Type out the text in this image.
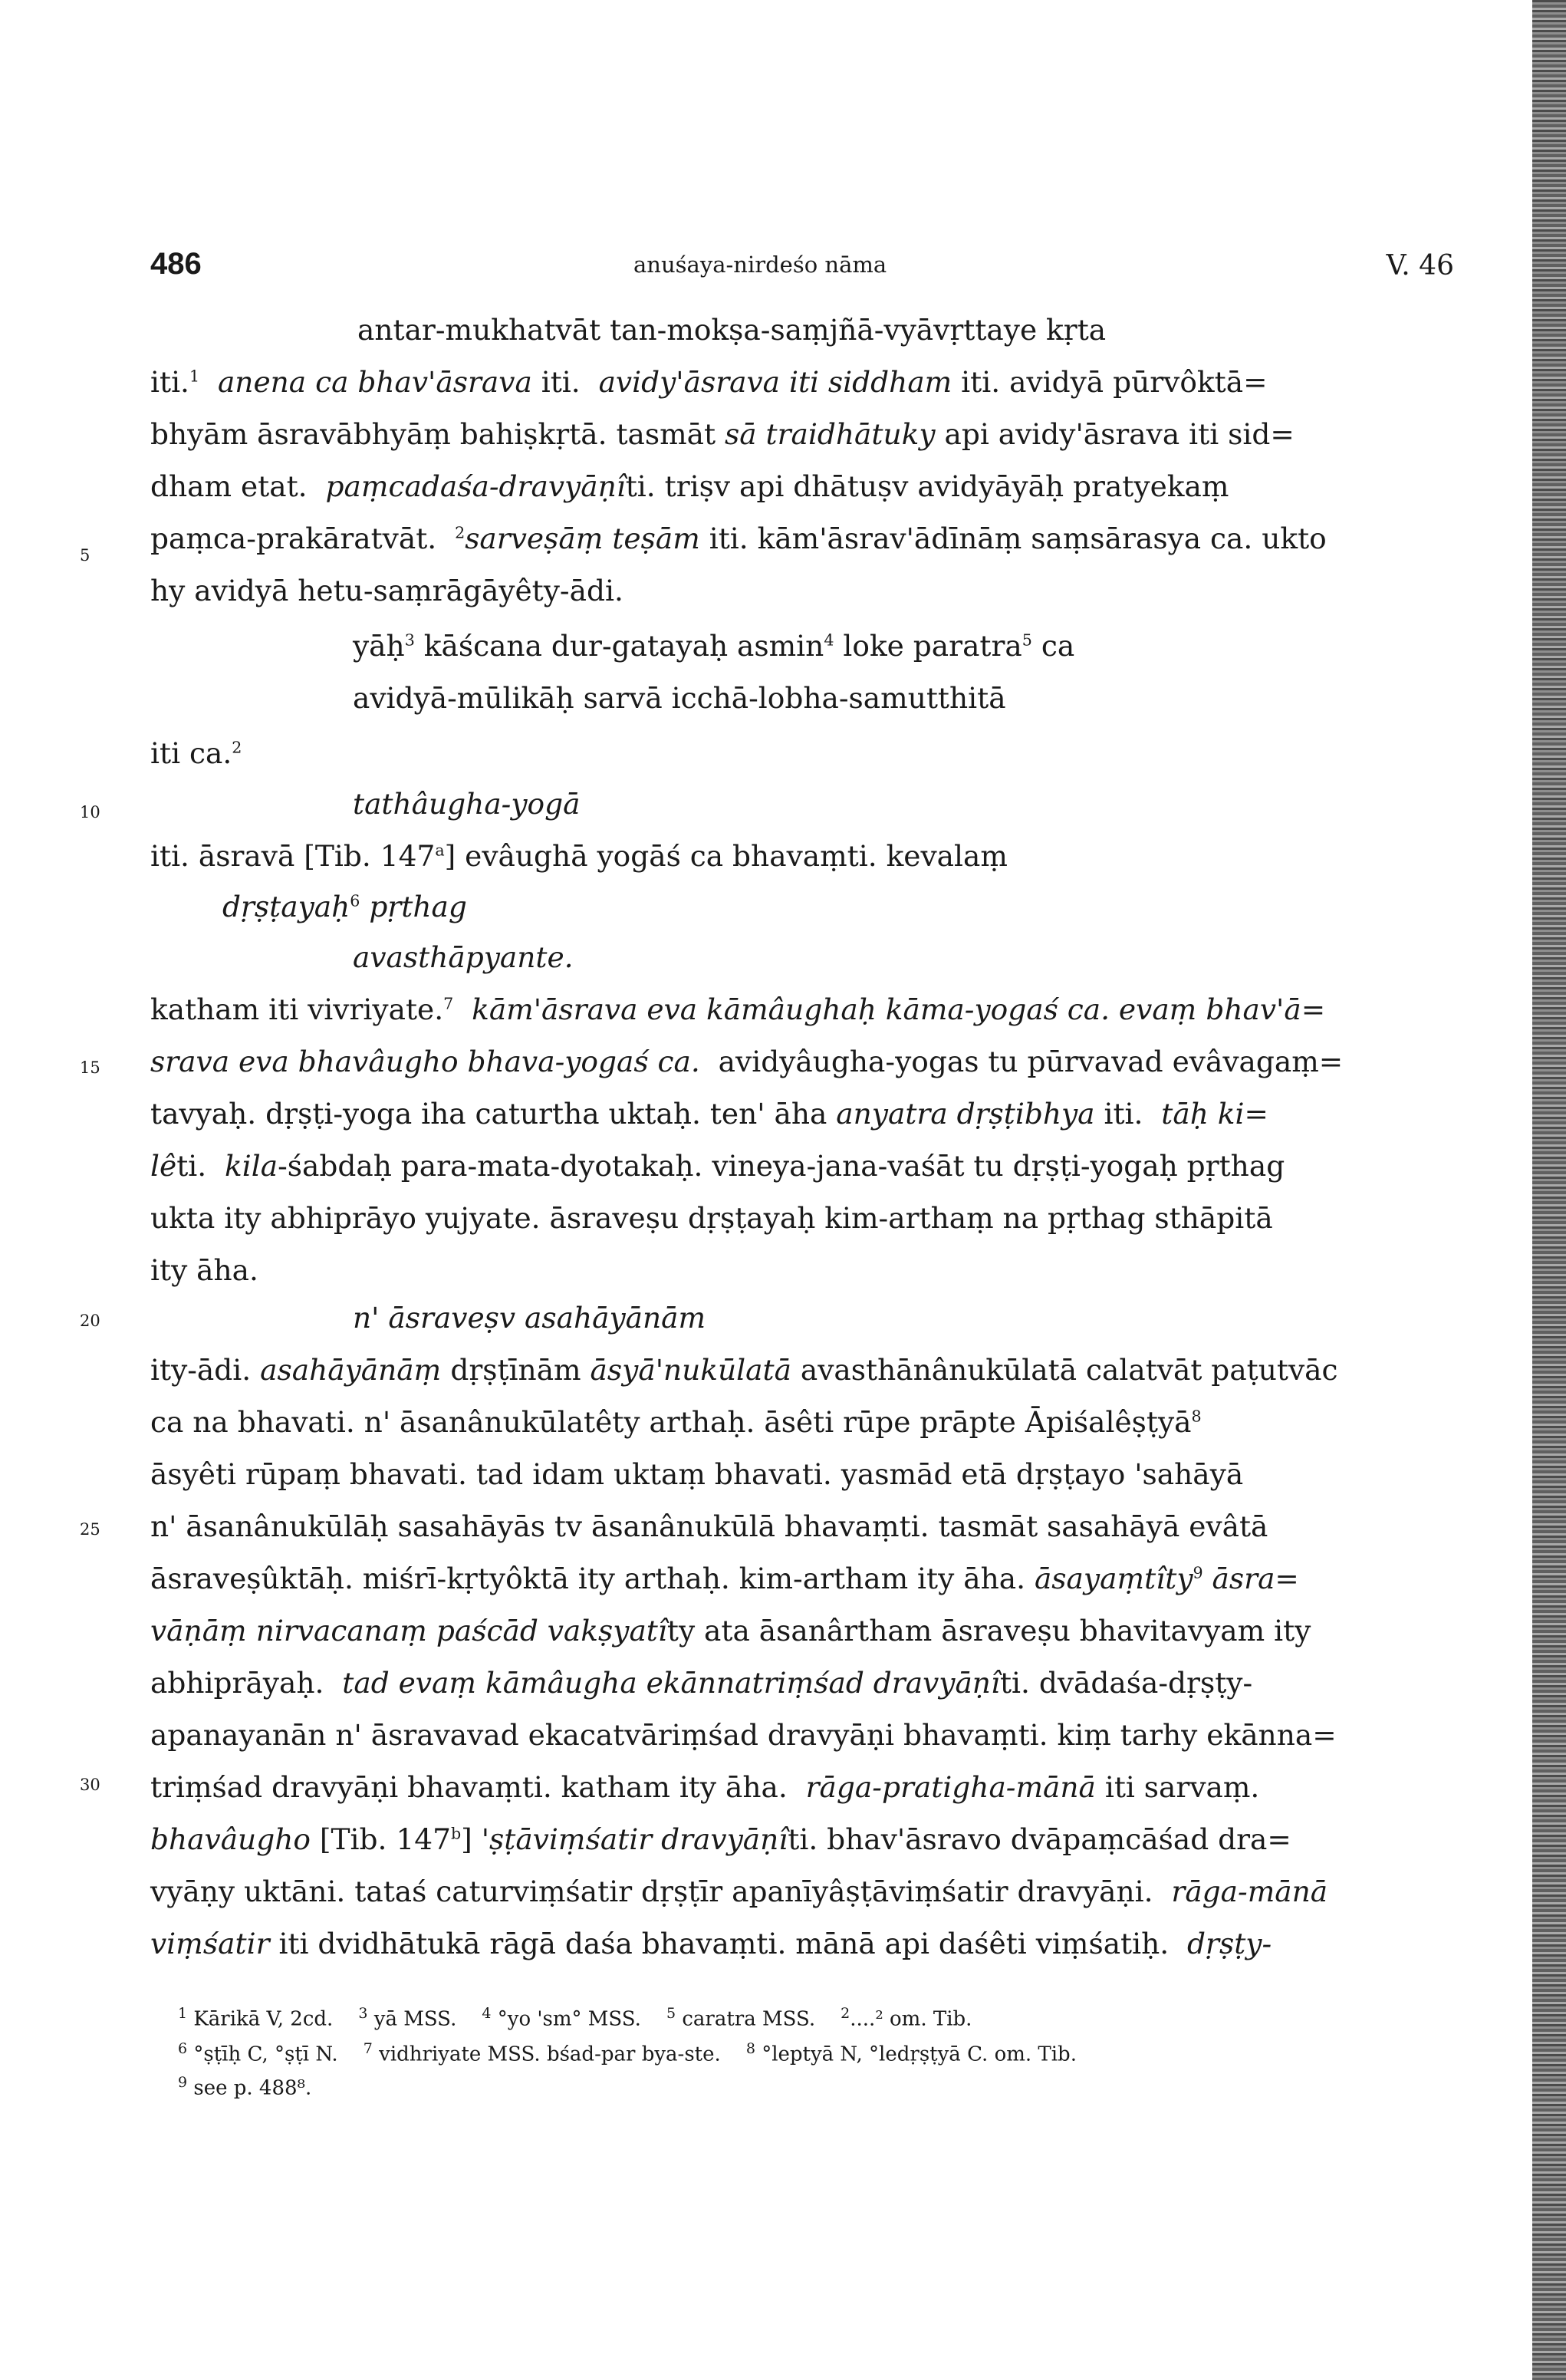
486	anuśaya-nirdeśo nāma	V. 46
5
10
15
20
25
30
antar-mukhatvāt tan-mokṣa-saṃjñā-vyāvṛttaye kṛta
iti.$^1$ anena ca bhav'āsrava iti. avidy'āsrava iti siddham iti. avidyā pūrvôktā=
bhyām āsravābhyāṃ bahiṣkṛtā. tasmāt sā traidhātuky api avidy'āsrava iti sid=
dham etat. paṃcadaśa-dravyāṇîti. triṣv api dhātuṣv avidyāyāḥ pratyekaṃ
paṃca-prakāratvāt. $^2$sarveṣāṃ teṣām iti. kām'āsrav'ādīnāṃ saṃsārasya ca. ukto
hy avidyā hetu-saṃrāgāyêty-ādi.
yāḥ$^3$ kāścana dur-gatayaḥ asmin$^4$ loke paratra$^5$ ca
avidyā-mūlikāḥ sarvā icchā-lobha-samutthitā
iti ca.$^2$
tathâugha-yogā
iti. āsravā [Tib. 147$^a$] evâughā yogāś ca bhavaṃti. kevalaṃ
dṛṣṭayaḥ$^6$ pṛthag
avasthāpyante.
katham iti vivriyate.$^7$ kām'āsrava eva kāmâughaḥ kāma-yogaś ca. evaṃ bhav'ā=
srava eva bhavâugho bhava-yogaś ca. avidyâugha-yogas tu pūrvavad evâvagaṃ=
tavyaḥ. dṛṣṭi-yoga iha caturtha uktaḥ. ten' āha anyatra dṛṣṭibhya iti. tāḥ ki=
lêti. kila-śabdaḥ para-mata-dyotakaḥ. vineya-jana-vaśāt tu dṛṣṭi-yogaḥ pṛthag
ukta ity abhiprāyo yujyate. āsraveṣu dṛṣṭayaḥ kim-arthaṃ na pṛthag sthāpitā
ity āha.
n' āsraveṣv asahāyānām
ity-ādi. asahāyānāṃ dṛṣṭīnām āsyā'nukūlatā avasthānânukūlatā calatvāt paṭutvāc
ca na bhavati. n' āsanânukūlatêty arthaḥ. āsêti rūpe prāpte Āpiśalêṣṭyā$^8$
āsyêti rūpaṃ bhavati. tad idam uktaṃ bhavati. yasmād etā dṛṣṭayo 'sahāyā
n' āsanânukūlāḥ sasahāyās tv āsanânukūlā bhavaṃti. tasmāt sasahāyā evâtā
āsraveṣûktāḥ. miśrī-kṛtyôktā ity arthaḥ. kim-artham ity āha. āsayaṃtîty$^9$ āsra=
vāṇāṃ nirvacanaṃ paścād vakṣyatîty ata āsanârtham āsraveṣu bhavitavyam ity
abhiprāyaḥ. tad evaṃ kāmâugha ekānnatriṃśad dravyāṇîti. dvādaśa-dṛṣṭy-
apanayanān n' āsravavad ekacatvāriṃśad dravyāṇi bhavaṃti. kiṃ tarhy ekānna=
triṃśad dravyāṇi bhavaṃti. katham ity āha. rāga-pratigha-mānā iti sarvaṃ.
bhavâugho [Tib. 147$^b$] 'ṣṭāviṃśatir dravyāṇîti. bhav'āsravo dvāpaṃcāśad dra=
vyāṇy uktāni. tataś caturviṃśatir dṛṣṭīr apanīyâṣṭāviṃśatir dravyāṇi. rāga-mānā
viṃśatir iti dvidhātukā rāgā daśa bhavaṃti. mānā api daśêti viṃśatiḥ. dṛṣṭy-
$^1$ Kārikā V, 2cd. $^3$ yā MSS. $^4$ °yo 'sm° MSS. $^5$ caratra MSS. $^2$....² om. Tib.
$^6$ °ṣṭīḥ C, °ṣṭī N. $^7$ vidhriyate MSS. bśad-par bya-ste. $^8$ °leptyā N, °ledṛṣṭyā C. om. Tib.
$^9$ see p. 488⁸.
